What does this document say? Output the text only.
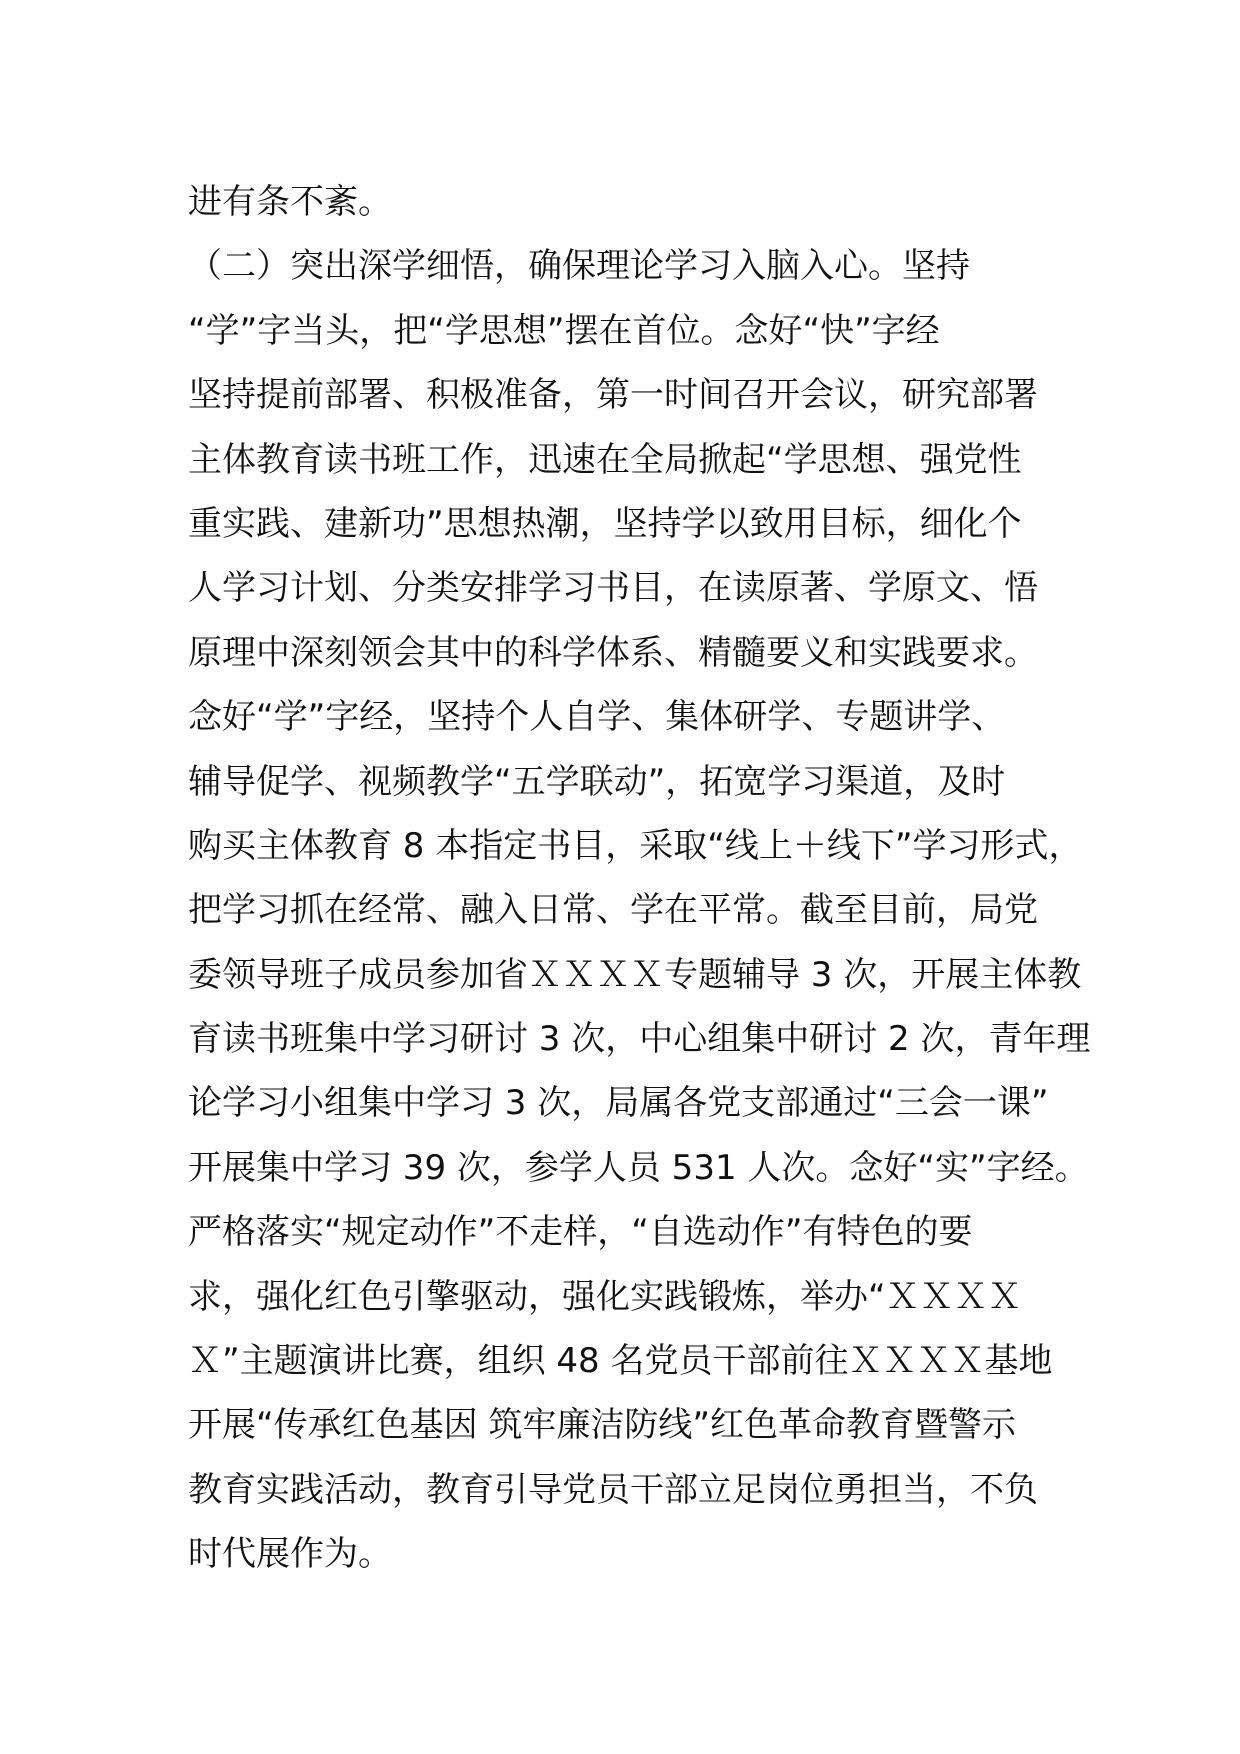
进有条不紊。
（二）突出深学细悟，确保理论学习入脑入心。坚持
“学”字当头，把“学思想”摆在首位。念好“快”字经
坚持提前部署、积极准备，第一时间召开会议，研究部署
主体教育读书班工作，迅速在全局掀起“学思想、强党性
重实践、建新功”思想热潮，坚持学以致用目标，细化个
人学习计划、分类安排学习书目，在读原著、学原文、悟
原理中深刻领会其中的科学体系、精髓要义和实践要求。
念好“学”字经，坚持个人自学、集体研学、专题讲学、
辅导促学、视频教学“五学联动”，拓宽学习渠道，及时
购买主体教育 8 本指定书目，采取“线上＋线下”学习形式，
把学习抓在经常、融入日常、学在平常。截至目前，局党
委领导班子成员参加省ＸＸＸＸ专题辅导 3 次，开展主体教
育读书班集中学习研讨 3 次，中心组集中研讨 2 次，青年理
论学习小组集中学习 3 次，局属各党支部通过“三会一课”
开展集中学习 39 次，参学人员 531 人次。念好“实”字经。
严格落实“规定动作”不走样，“自选动作”有特色的要
求，强化红色引擎驱动，强化实践锻炼，举办“ＸＸＸＸ
Ｘ”主题演讲比赛，组织 48 名党员干部前往ＸＸＸＸ基地
开展“传承红色基因 筑牢廉洁防线”红色革命教育暨警示
教育实践活动，教育引导党员干部立足岗位勇担当，不负
时代展作为。
